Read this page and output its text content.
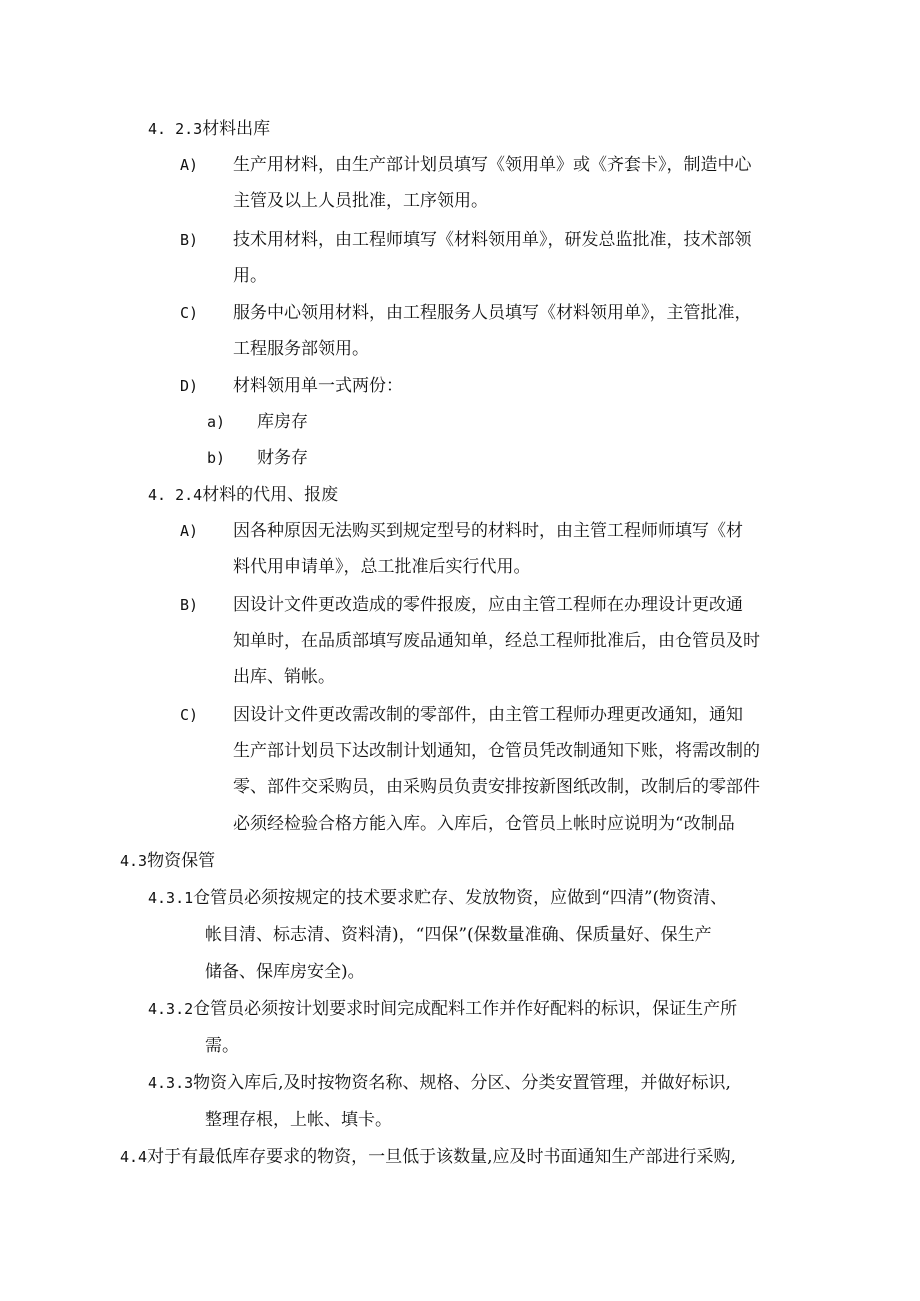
4. 2.3材料出库
A) 生产用材料，由生产部计划员填写《领用单》或《齐套卡》，制造中心
主管及以上人员批准，工序领用。
B) 技术用材料，由工程师填写《材料领用单》，研发总监批准，技术部领
用。
C) 服务中心领用材料，由工程服务人员填写《材料领用单》，主管批准，
工程服务部领用。
D) 材料领用单一式两份：
a) 库房存
b) 财务存
4. 2.4材料的代用、报废
A) 因各种原因无法购买到规定型号的材料时，由主管工程师师填写《材
料代用申请单》，总工批准后实行代用。
B) 因设计文件更改造成的零件报废，应由主管工程师在办理设计更改通
知单时，在品质部填写废品通知单，经总工程师批准后，由仓管员及时
出库、销帐。
C) 因设计文件更改需改制的零部件，由主管工程师办理更改通知，通知
生产部计划员下达改制计划通知，仓管员凭改制通知下账，将需改制的
零、部件交采购员，由采购员负责安排按新图纸改制，改制后的零部件
必须经检验合格方能入库。入库后，仓管员上帐时应说明为“改制品
4.3物资保管
4.3.1仓管员必须按规定的技术要求贮存、发放物资，应做到“四清”(物资清、
帐目清、标志清、资料清)，“四保”(保数量准确、保质量好、保生产
储备、保库房安全)。
4.3.2仓管员必须按计划要求时间完成配料工作并作好配料的标识，保证生产所
需。
4.3.3物资入库后,及时按物资名称、规格、分区、分类安置管理，并做好标识,
整理存根，上帐、填卡。
4.4对于有最低库存要求的物资，一旦低于该数量,应及时书面通知生产部进行采购,
